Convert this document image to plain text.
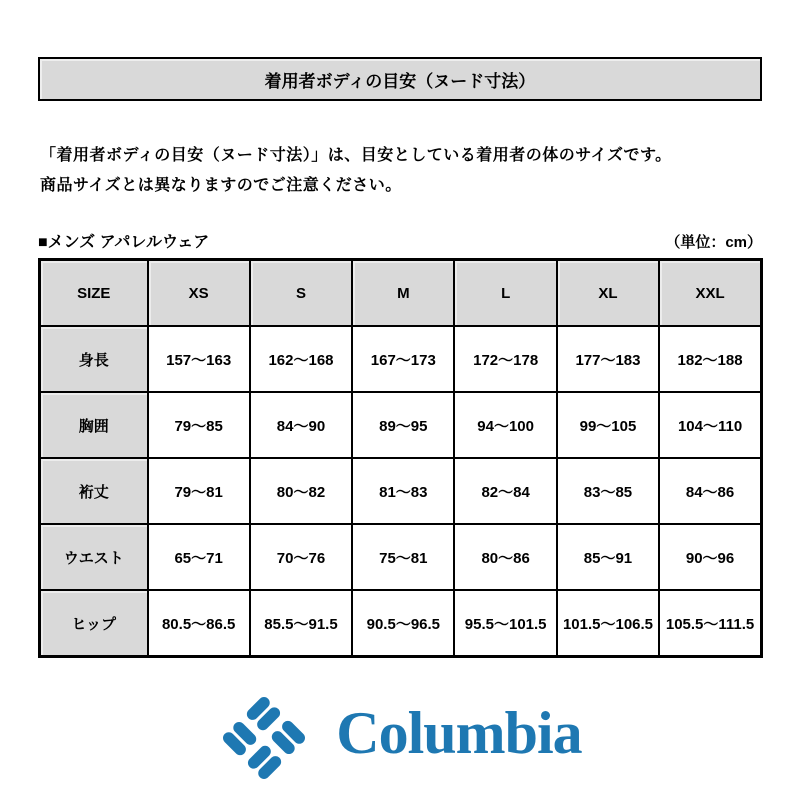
着用者ボディの目安（ヌード寸法）
「着用者ボディの目安（ヌード寸法）」は、目安としている着用者の体のサイズです。
商品サイズとは異なりますのでご注意ください。
■メンズ アパレルウェア	（単位：cm）
SIZE	XS	S	M	L	XL	XXL
身長	157〜163	162〜168	167〜173	172〜178	177〜183	182〜188
胸囲	79〜85	84〜90	89〜95	94〜100	99〜105	104〜110
裄丈	79〜81	80〜82	81〜83	82〜84	83〜85	84〜86
ウエスト	65〜71	70〜76	75〜81	80〜86	85〜91	90〜96
ヒップ	80.5〜86.5	85.5〜91.5	90.5〜96.5	95.5〜101.5	101.5〜106.5	105.5〜111.5
Columbia
